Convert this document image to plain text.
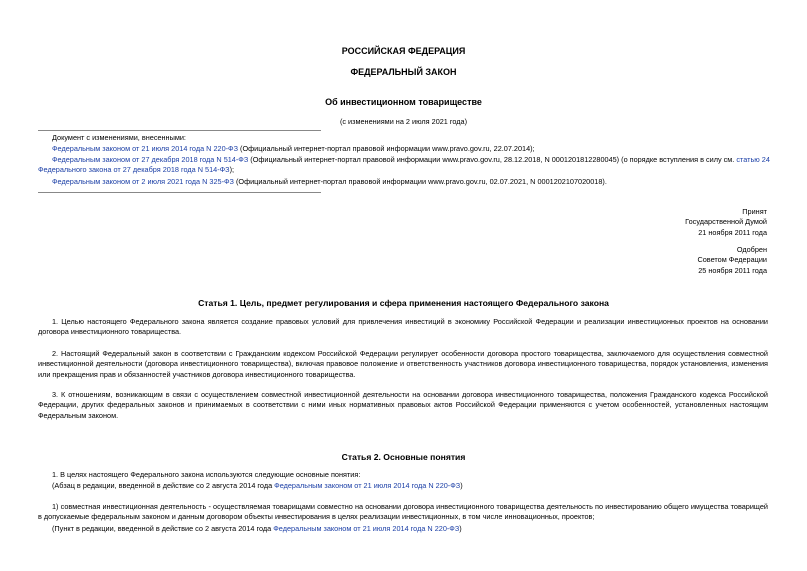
РОССИЙСКАЯ ФЕДЕРАЦИЯ
ФЕДЕРАЛЬНЫЙ ЗАКОН
Об инвестиционном товариществе
(с изменениями на 2 июля 2021 года)
Документ с изменениями, внесенными:
Федеральным законом от 21 июля 2014 года N 220-ФЗ (Официальный интернет-портал правовой информации www.pravo.gov.ru, 22.07.2014);
Федеральным законом от 27 декабря 2018 года N 514-ФЗ (Официальный интернет-портал правовой информации www.pravo.gov.ru, 28.12.2018, N 0001201812280045) (о порядке вступления в силу см. статью 24 Федерального закона от 27 декабря 2018 года N 514-ФЗ);
Федеральным законом от 2 июля 2021 года N 325-ФЗ (Официальный интернет-портал правовой информации www.pravo.gov.ru, 02.07.2021, N 0001202107020018).
Принят
Государственной Думой
21 ноября 2011 года
Одобрен
Советом Федерации
25 ноября 2011 года
Статья 1. Цель, предмет регулирования и сфера применения настоящего Федерального закона
1. Целью настоящего Федерального закона является создание правовых условий для привлечения инвестиций в экономику Российской Федерации и реализации инвестиционных проектов на основании договора инвестиционного товарищества.
2. Настоящий Федеральный закон в соответствии с Гражданским кодексом Российской Федерации регулирует особенности договора простого товарищества, заключаемого для осуществления совместной инвестиционной деятельности (договора инвестиционного товарищества), включая правовое положение и ответственность участников договора инвестиционного товарищества, порядок установления, изменения или прекращения прав и обязанностей участников договора инвестиционного товарищества.
3. К отношениям, возникающим в связи с осуществлением совместной инвестиционной деятельности на основании договора инвестиционного товарищества, положения Гражданского кодекса Российской Федерации, других федеральных законов и принимаемых в соответствии с ними иных нормативных правовых актов Российской Федерации применяются с учетом особенностей, установленных настоящим Федеральным законом.
Статья 2. Основные понятия
1. В целях настоящего Федерального закона используются следующие основные понятия:
(Абзац в редакции, введенной в действие со 2 августа 2014 года Федеральным законом от 21 июля 2014 года N 220-ФЗ)
1) совместная инвестиционная деятельность - осуществляемая товарищами совместно на основании договора инвестиционного товарищества деятельность по инвестированию общего имущества товарищей в допускаемые федеральным законом и данным договором объекты инвестирования в целях реализации инвестиционных, в том числе инновационных, проектов;
(Пункт в редакции, введенной в действие со 2 августа 2014 года Федеральным законом от 21 июля 2014 года N 220-ФЗ)
